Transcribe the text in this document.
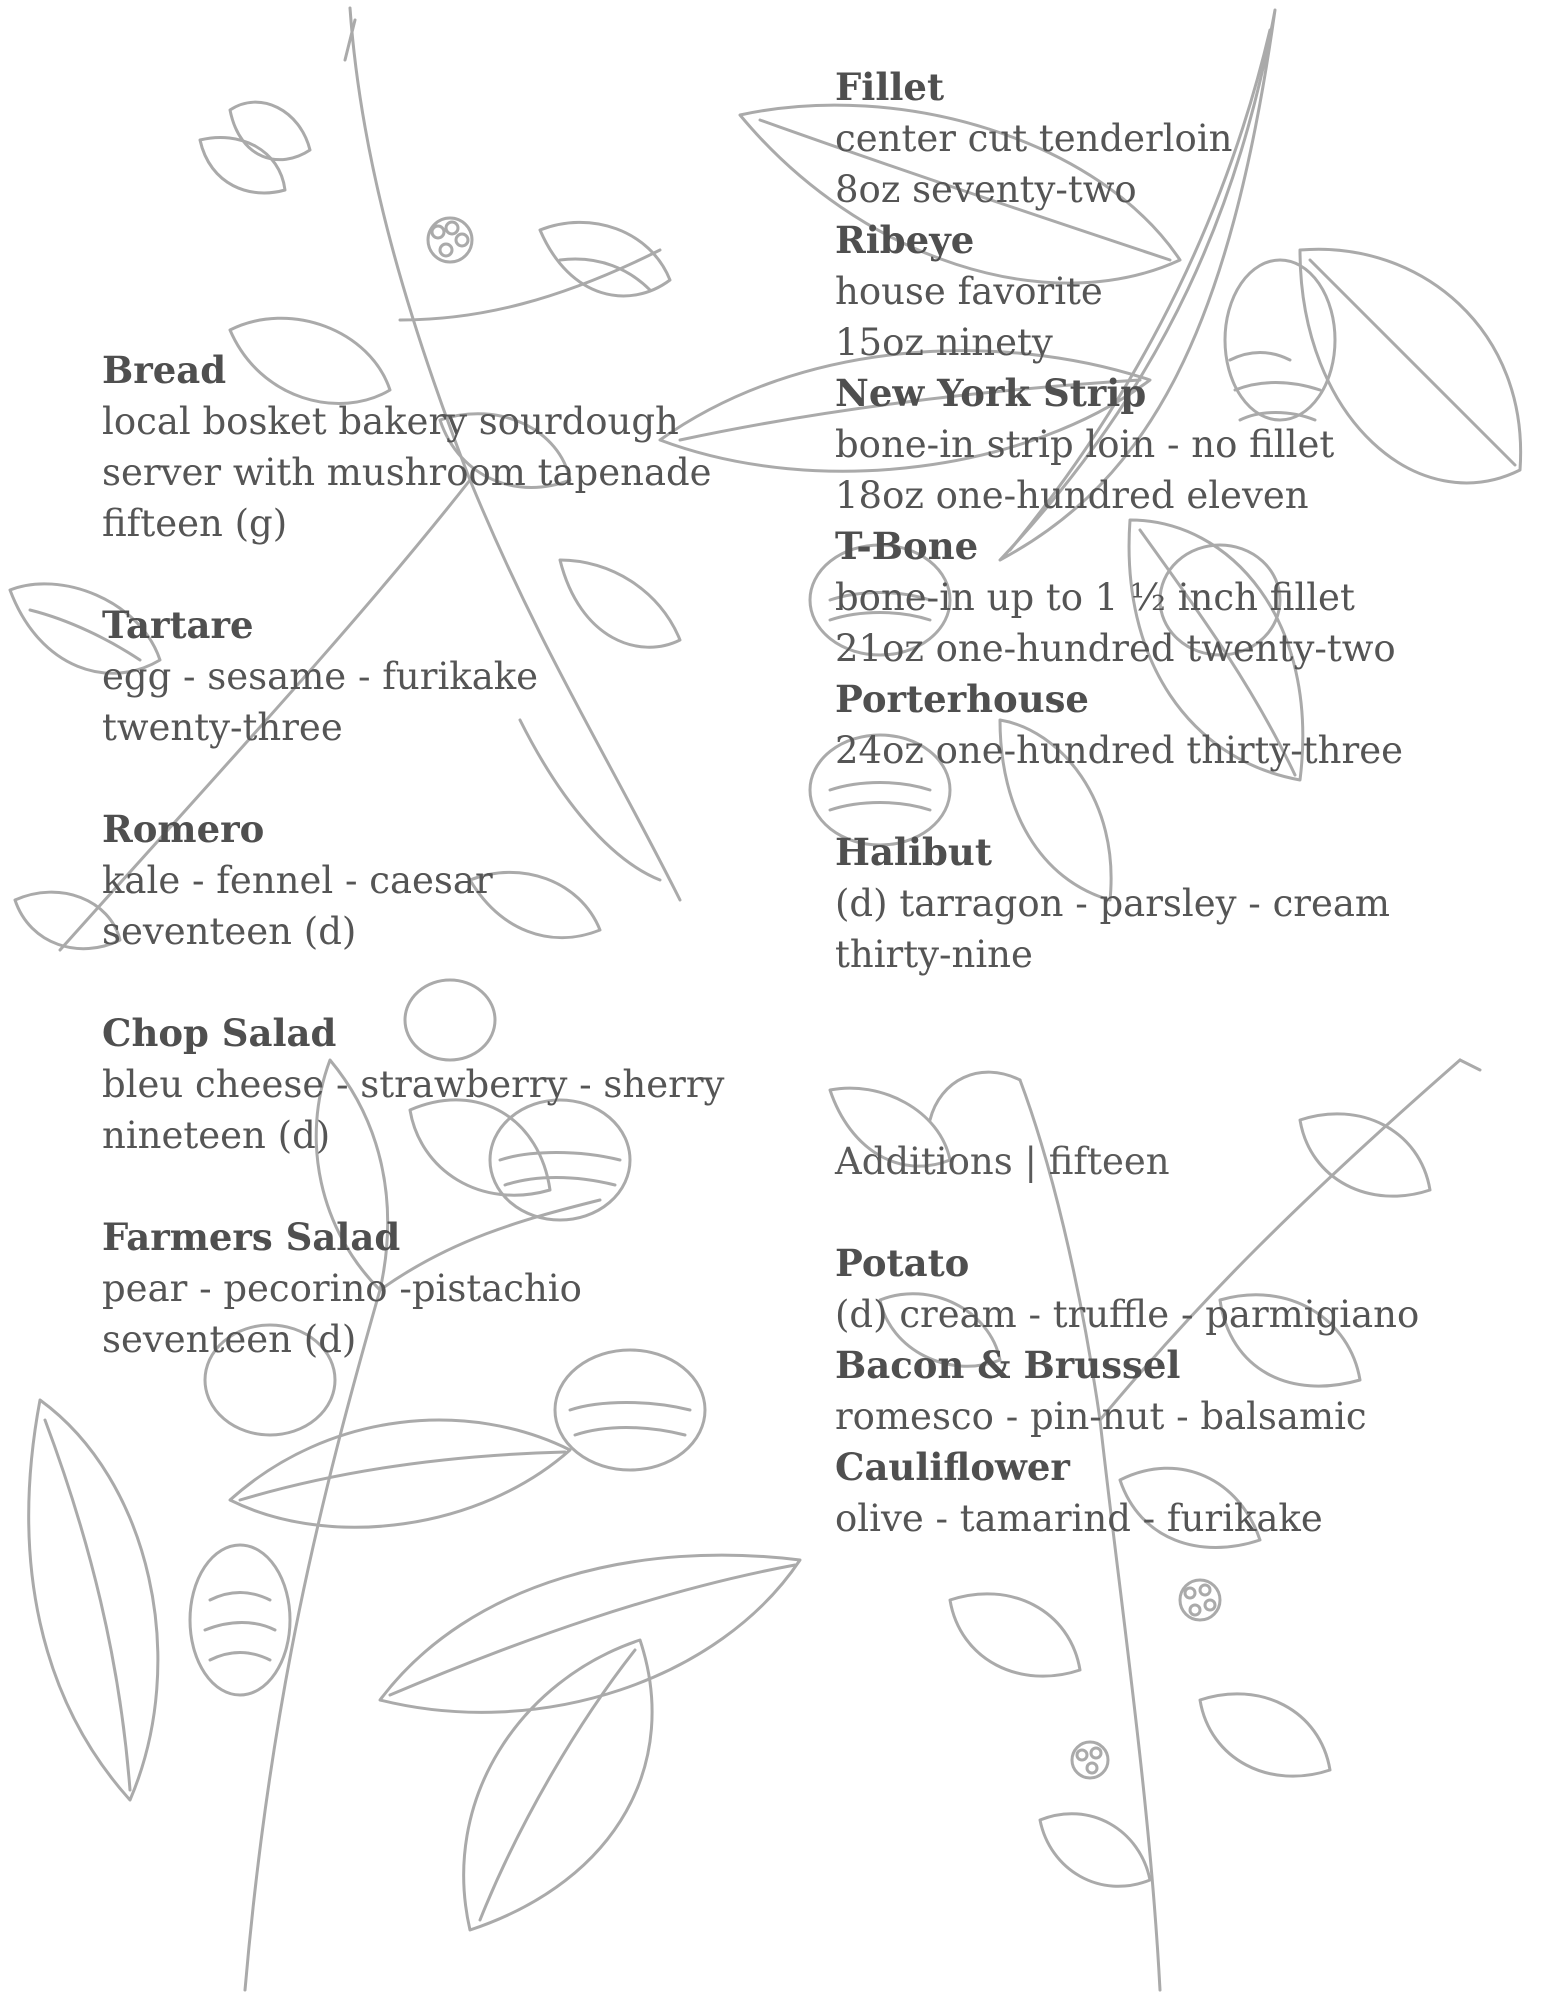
Bread
local bosket bakery sourdough
server with mushroom tapenade
fifteen (g)
Tartare
egg - sesame - furikake
twenty-three
Romero
kale - fennel - caesar
seventeen (d)
Chop Salad
bleu cheese - strawberry - sherry
nineteen (d)
Farmers Salad
pear - pecorino -pistachio
seventeen (d)
Fillet
center cut tenderloin
8oz seventy-two
Ribeye
house favorite
15oz ninety
New York Strip
bone-in strip loin - no fillet
18oz one-hundred eleven
T-Bone
bone-in up to 1 ½ inch fillet
21oz one-hundred twenty-two
Porterhouse
24oz one-hundred thirty-three
Halibut
(d) tarragon - parsley - cream
thirty-nine
Additions | fifteen
Potato
(d) cream - truffle - parmigiano
Bacon & Brussel
romesco - pin-nut - balsamic
Cauliflower
olive - tamarind - furikake
